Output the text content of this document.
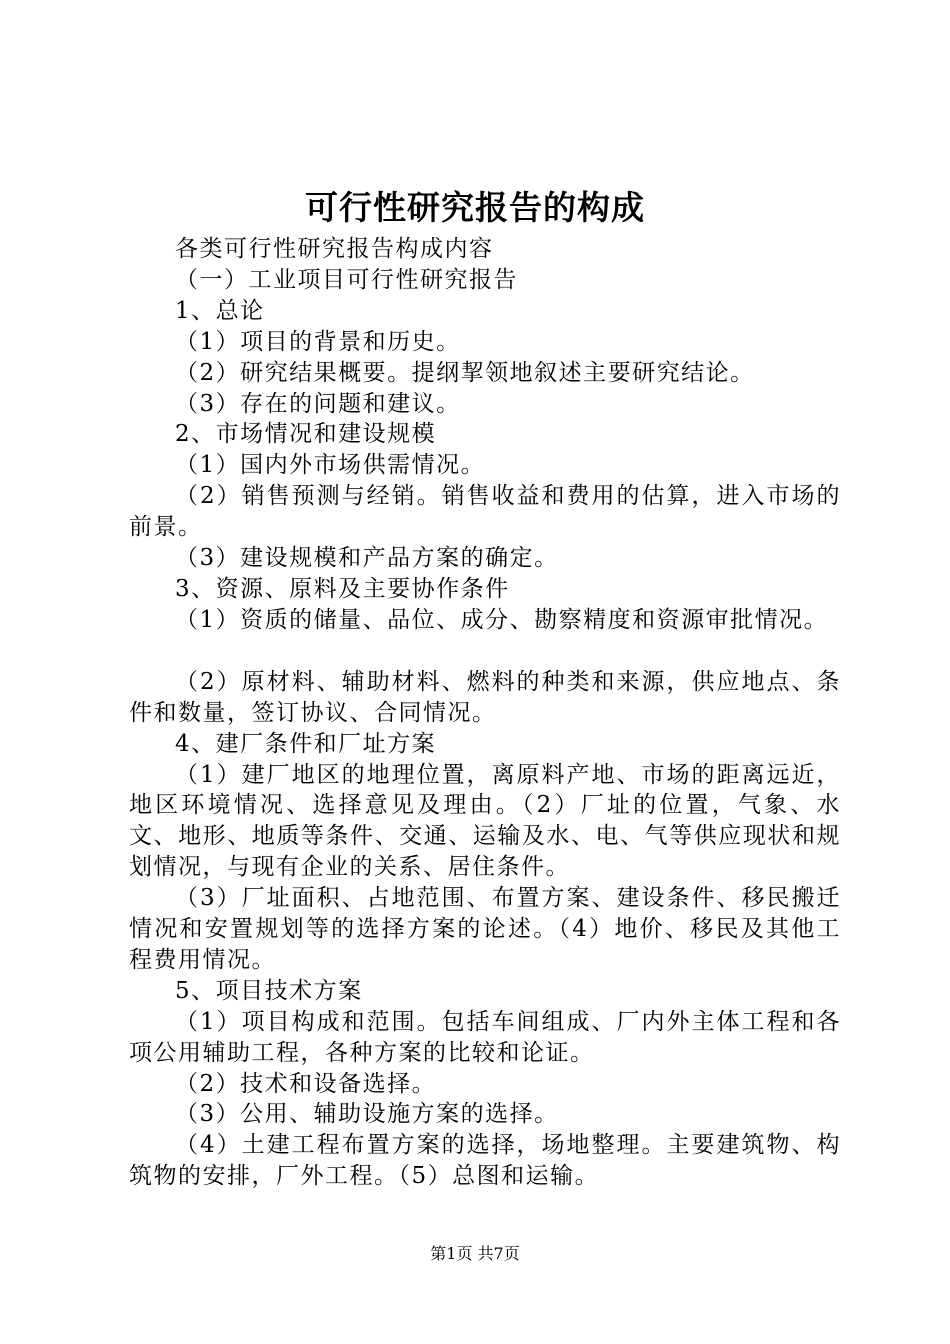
可行性研究报告的构成

各类可行性研究报告构成内容

（一）工业项目可行性研究报告

1、总论

（1）项目的背景和历史。

（2）研究结果概要。提纲挈领地叙述主要研究结论。

（3）存在的问题和建议。

2、市场情况和建设规模

（1）国内外市场供需情况。

（2）销售预测与经销。销售收益和费用的估算，进入市场的前景。

（3）建设规模和产品方案的确定。

3、资源、原料及主要协作条件

（1）资质的储量、品位、成分、勘察精度和资源审批情况。

（2）原材料、辅助材料、燃料的种类和来源，供应地点、条件和数量，签订协议、合同情况。

4、建厂条件和厂址方案

（1）建厂地区的地理位置，离原料产地、市场的距离远近，地区环境情况、选择意见及理由。（2）厂址的位置，气象、水文、地形、地质等条件、交通、运输及水、电、气等供应现状和规划情况，与现有企业的关系、居住条件。

（3）厂址面积、占地范围、布置方案、建设条件、移民搬迁情况和安置规划等的选择方案的论述。（4）地价、移民及其他工程费用情况。

5、项目技术方案

（1）项目构成和范围。包括车间组成、厂内外主体工程和各项公用辅助工程，各种方案的比较和论证。

（2）技术和设备选择。

（3）公用、辅助设施方案的选择。

（4）土建工程布置方案的选择，场地整理。主要建筑物、构筑物的安排，厂外工程。（5）总图和运输。

第1页 共7页
